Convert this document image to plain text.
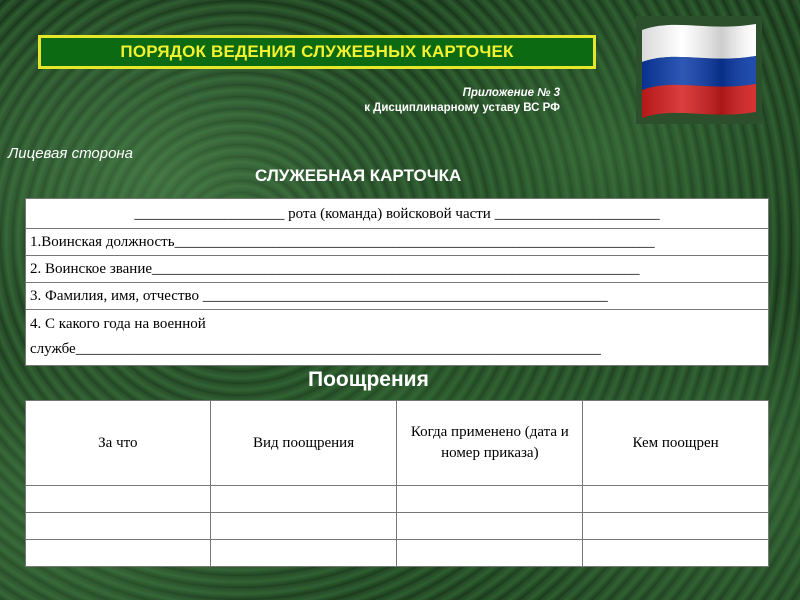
ПОРЯДОК ВЕДЕНИЯ СЛУЖЕБНЫХ КАРТОЧЕК
Приложение № 3
к Дисциплинарному уставу ВС РФ
Лицевая сторона
СЛУЖЕБНАЯ КАРТОЧКА
____________________ рота (команда) войсковой части ______________________
1.Воинская должность________________________________________________________________
2. Воинское звание_________________________________________________________________
3. Фамилия, имя, отчество ______________________________________________________
4. С какого года на военной службе______________________________________________________________________
Поощрения
За что	Вид поощрения	Когда применено (дата и номер приказа)	Кем поощрен
